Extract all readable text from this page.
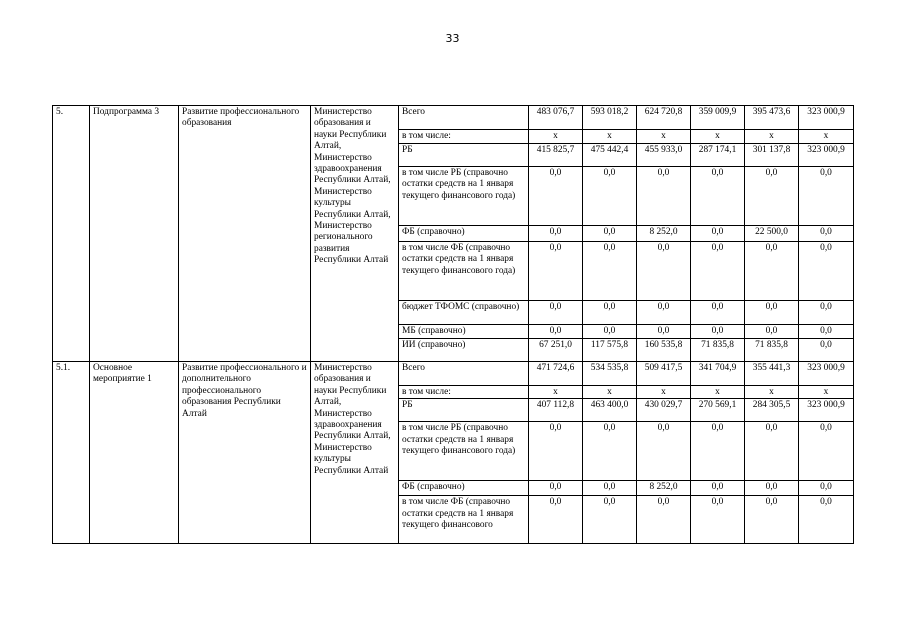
33
5.	Подпрограмма 3	Развитие профессионального образования	Министерство образования и науки Республики Алтай, Министерство здравоохранения Республики Алтай, Министерство культуры Республики Алтай, Министерство регионального развития Республики Алтай	Всего	483 076,7	593 018,2	624 720,8	359 009,9	395 473,6	323 000,9
				в том числе:	х	х	х	х	х	х
				РБ	415 825,7	475 442,4	455 933,0	287 174,1	301 137,8	323 000,9
				в том числе РБ (справочно остатки средств на 1 января текущего финансового года)	0,0	0,0	0,0	0,0	0,0	0,0
				ФБ (справочно)	0,0	0,0	8 252,0	0,0	22 500,0	0,0
				в том числе ФБ (справочно остатки средств на 1 января текущего финансового года)	0,0	0,0	0,0	0,0	0,0	0,0
				бюджет ТФОМС (справочно)	0,0	0,0	0,0	0,0	0,0	0,0
				МБ (справочно)	0,0	0,0	0,0	0,0	0,0	0,0
				ИИ (справочно)	67 251,0	117 575,8	160 535,8	71 835,8	71 835,8	0,0
5.1.	Основное мероприятие 1	Развитие профессионального и дополнительного профессионального образования Республики Алтай	Министерство образования и науки Республики Алтай, Министерство здравоохранения Республики Алтай, Министерство культуры Республики Алтай	Всего	471 724,6	534 535,8	509 417,5	341 704,9	355 441,3	323 000,9
				в том числе:	х	х	х	х	х	х
				РБ	407 112,8	463 400,0	430 029,7	270 569,1	284 305,5	323 000,9
				в том числе РБ (справочно остатки средств на 1 января текущего финансового года)	0,0	0,0	0,0	0,0	0,0	0,0
				ФБ (справочно)	0,0	0,0	8 252,0	0,0	0,0	0,0
				в том числе ФБ (справочно остатки средств на 1 января текущего финансового	0,0	0,0	0,0	0,0	0,0	0,0
